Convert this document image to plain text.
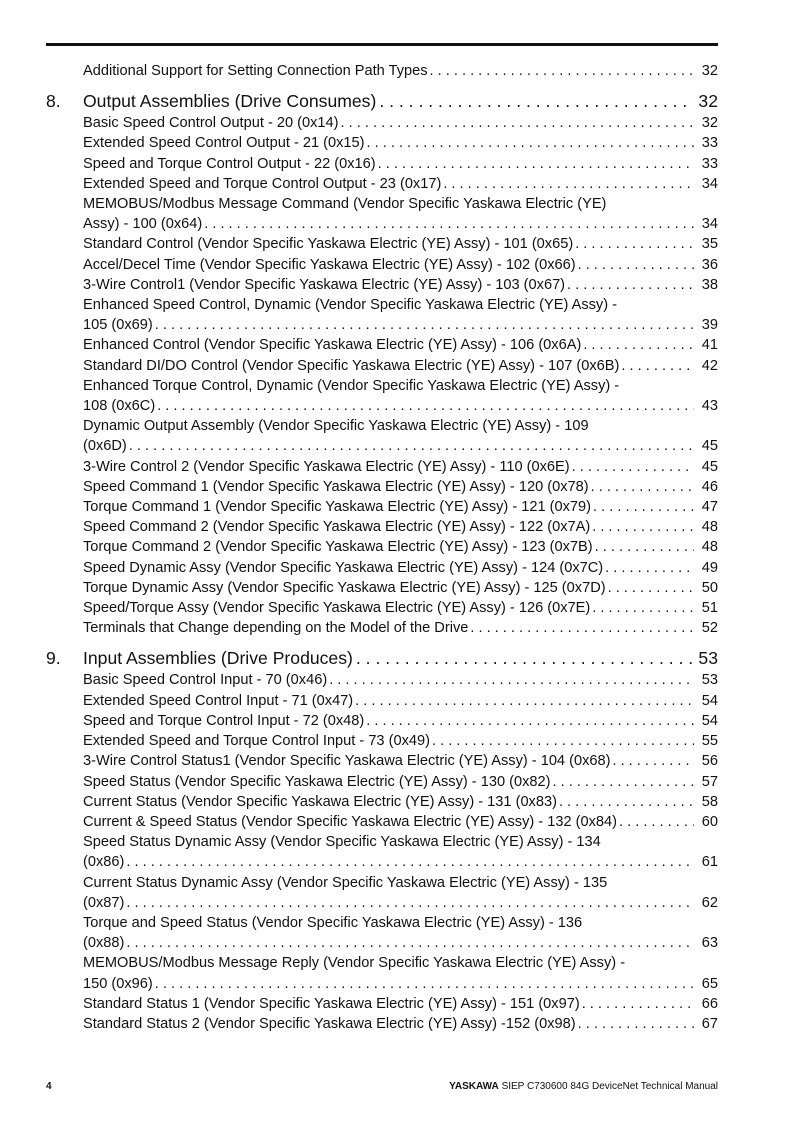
Additional Support for Setting Connection Path Types . . .	32
8.	Output Assemblies (Drive Consumes) . . .	32
Basic Speed Control Output - 20 (0x14) . . .	32
Extended Speed Control Output - 21 (0x15) . . .	33
Speed and Torque Control Output - 22 (0x16) . . .	33
Extended Speed and Torque Control Output - 23 (0x17) . . .	34
MEMOBUS/Modbus Message Command (Vendor Specific Yaskawa Electric (YE)
Assy) - 100 (0x64) . . .	34
Standard Control (Vendor Specific Yaskawa Electric (YE) Assy) - 101 (0x65) . . .	35
Accel/Decel Time (Vendor Specific Yaskawa Electric (YE) Assy) - 102 (0x66) . . .	36
3-Wire Control1 (Vendor Specific Yaskawa Electric (YE) Assy) - 103 (0x67) . . .	38
Enhanced Speed Control, Dynamic (Vendor Specific Yaskawa Electric (YE) Assy) -
105 (0x69) . . .	39
Enhanced Control (Vendor Specific Yaskawa Electric (YE) Assy) - 106 (0x6A) . . .	41
Standard DI/DO Control (Vendor Specific Yaskawa Electric (YE) Assy) - 107 (0x6B) . . .	42
Enhanced Torque Control, Dynamic (Vendor Specific Yaskawa Electric (YE) Assy) -
108 (0x6C) . . .	43
Dynamic Output Assembly (Vendor Specific Yaskawa Electric (YE) Assy) - 109
(0x6D) . . .	45
3-Wire Control 2 (Vendor Specific Yaskawa Electric (YE) Assy) - 110 (0x6E) . . .	45
Speed Command 1 (Vendor Specific Yaskawa Electric (YE) Assy) - 120 (0x78) . . .	46
Torque Command 1 (Vendor Specific Yaskawa Electric (YE) Assy) - 121 (0x79) . . .	47
Speed Command 2 (Vendor Specific Yaskawa Electric (YE) Assy) - 122 (0x7A) . . .	48
Torque Command 2 (Vendor Specific Yaskawa Electric (YE) Assy) - 123 (0x7B) . . .	48
Speed Dynamic Assy (Vendor Specific Yaskawa Electric (YE) Assy) - 124 (0x7C) . . .	49
Torque Dynamic Assy (Vendor Specific Yaskawa Electric (YE) Assy) - 125 (0x7D) . . .	50
Speed/Torque Assy (Vendor Specific Yaskawa Electric (YE) Assy) - 126 (0x7E) . . .	51
Terminals that Change depending on the Model of the Drive . . .	52
9.	Input Assemblies (Drive Produces) . . .	53
Basic Speed Control Input - 70 (0x46) . . .	53
Extended Speed Control Input - 71 (0x47) . . .	54
Speed and Torque Control Input - 72 (0x48) . . .	54
Extended Speed and Torque Control Input - 73 (0x49) . . .	55
3-Wire Control Status1 (Vendor Specific Yaskawa Electric (YE) Assy) - 104 (0x68) . . .	56
Speed Status (Vendor Specific Yaskawa Electric (YE) Assy) - 130 (0x82) . . .	57
Current Status (Vendor Specific Yaskawa Electric (YE) Assy) - 131 (0x83) . . .	58
Current & Speed Status (Vendor Specific Yaskawa Electric (YE) Assy) - 132 (0x84) . . .	60
Speed Status Dynamic Assy (Vendor Specific Yaskawa Electric (YE) Assy) - 134
(0x86) . . .	61
Current Status Dynamic Assy (Vendor Specific Yaskawa Electric (YE) Assy) - 135
(0x87) . . .	62
Torque and Speed Status (Vendor Specific Yaskawa Electric (YE) Assy) - 136
(0x88) . . .	63
MEMOBUS/Modbus Message Reply (Vendor Specific Yaskawa Electric (YE) Assy) -
150 (0x96) . . .	65
Standard Status 1 (Vendor Specific Yaskawa Electric (YE) Assy) - 151 (0x97) . . .	66
Standard Status 2 (Vendor Specific Yaskawa Electric (YE) Assy) -152 (0x98) . . .	67
4	YASKAWA SIEP C730600 84G DeviceNet Technical Manual
